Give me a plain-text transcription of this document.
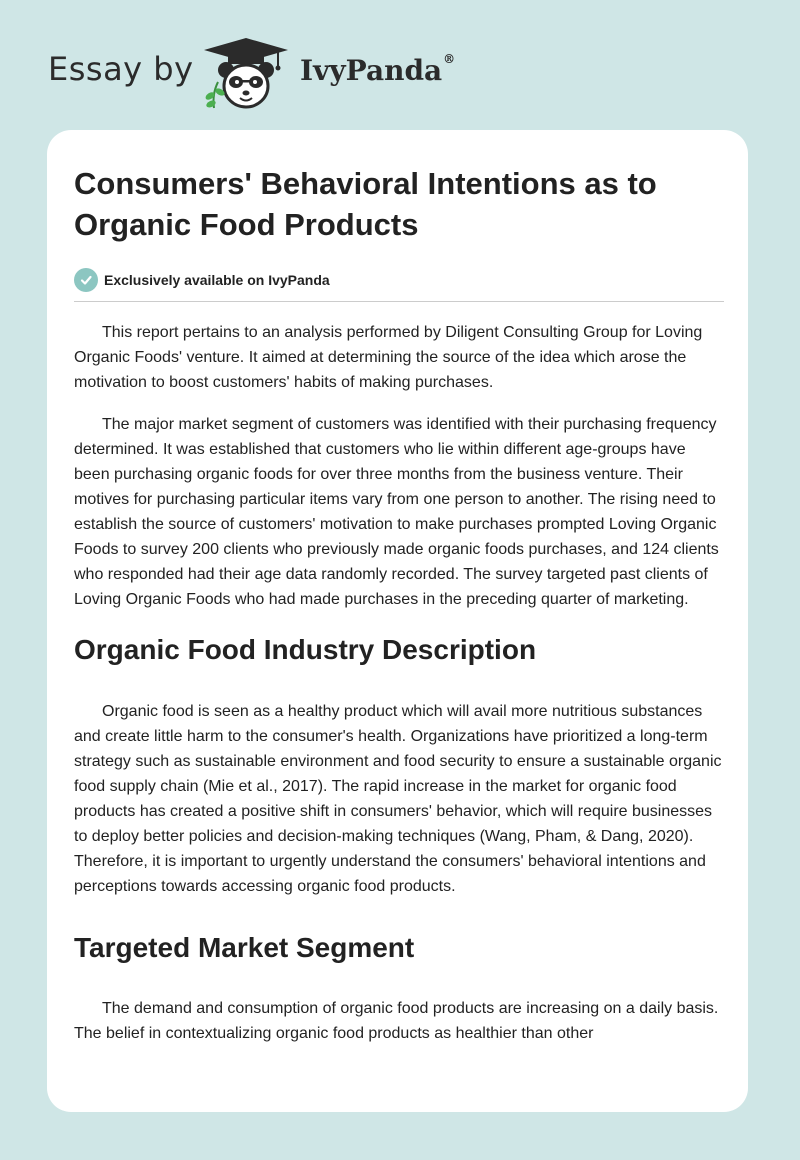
Essay by	IvyPanda®
Consumers' Behavioral Intentions as to Organic Food Products
Exclusively available on IvyPanda

This report pertains to an analysis performed by Diligent Consulting Group for Loving Organic Foods' venture. It aimed at determining the source of the idea which arose the motivation to boost customers' habits of making purchases.

The major market segment of customers was identified with their purchasing frequency determined. It was established that customers who lie within different age-groups have been purchasing organic foods for over three months from the business venture. Their motives for purchasing particular items vary from one person to another. The rising need to establish the source of customers' motivation to make purchases prompted Loving Organic Foods to survey 200 clients who previously made organic foods purchases, and 124 clients who responded had their age data randomly recorded. The survey targeted past clients of Loving Organic Foods who had made purchases in the preceding quarter of marketing.

Organic Food Industry Description

Organic food is seen as a healthy product which will avail more nutritious substances and create little harm to the consumer's health. Organizations have prioritized a long-term strategy such as sustainable environment and food security to ensure a sustainable organic food supply chain (Mie et al., 2017). The rapid increase in the market for organic food products has created a positive shift in consumers' behavior, which will require businesses to deploy better policies and decision-making techniques (Wang, Pham, & Dang, 2020). Therefore, it is important to urgently understand the consumers' behavioral intentions and perceptions towards accessing organic food products.

Targeted Market Segment

The demand and consumption of organic food products are increasing on a daily basis. The belief in contextualizing organic food products as healthier than other
